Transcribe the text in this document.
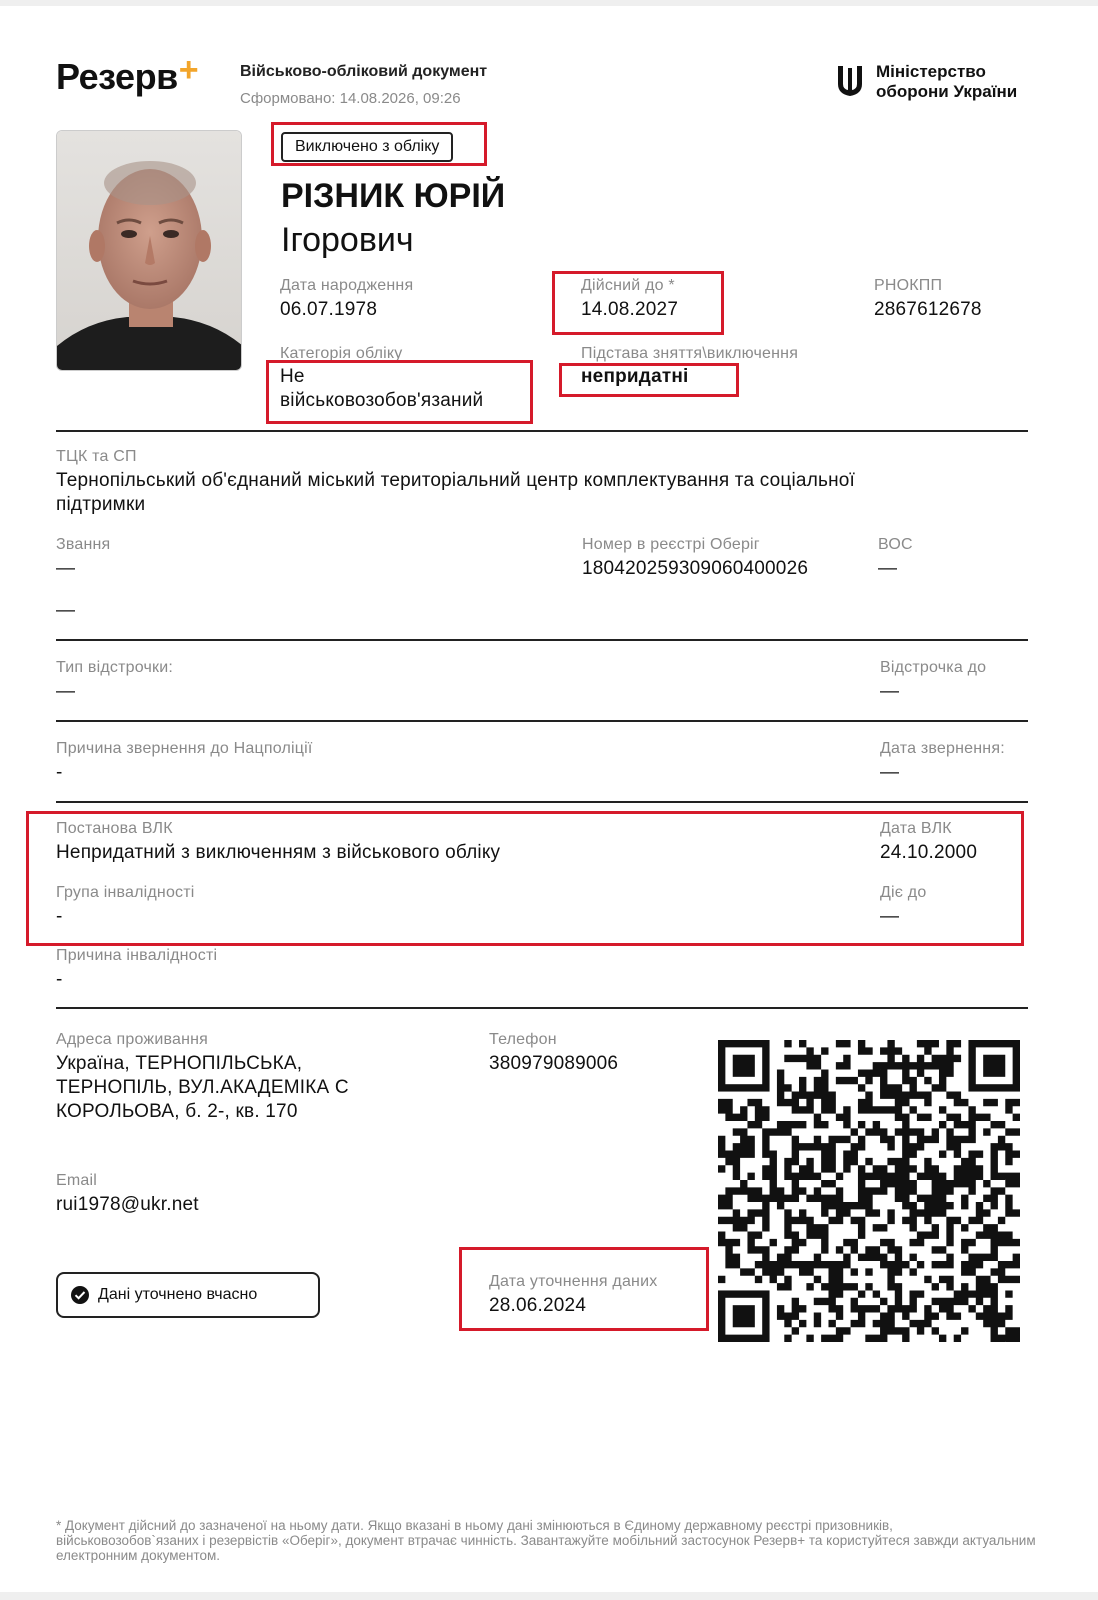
Резерв+	Військово-обліковий документ
Сформовано: 14.08.2026, 09:26
Міністерство
оборони України
Виключено з обліку
РІЗНИК ЮРІЙ
Ігорович
Дата народження
06.07.1978
Дійсний до *
14.08.2027
РНОКПП
2867612678
Категорія обліку
Не
військовозобов'язаний
Підстава зняття\виключення
непридатні
ТЦК та СП
Тернопільський об'єднаний міський територіальний центр комплектування та соціальної
підтримки
Звання
—
—
Номер в реєстрі Оберіг
180420259309060400026
ВОС
—
Тип відстрочки:
—
Відстрочка до
—
Причина звернення до Нацполіції
-
Дата звернення:
—
Постанова ВЛК
Непридатний з виключенням з військового обліку
Дата ВЛК
24.10.2000
Група інвалідності
-
Діє до
—
Причина інвалідності
-
Адреса проживання
Україна, ТЕРНОПІЛЬСЬКА,
ТЕРНОПІЛЬ, ВУЛ.АКАДЕМІКА С
КОРОЛЬОВА, б. 2-, кв. 170
Телефон
380979089006
Email
rui1978@ukr.net
Дані уточнено вчасно
Дата уточнення даних
28.06.2024
* Документ дійсний до зазначеної на ньому дати. Якщо вказані в ньому дані змінюються в Єдиному державному реєстрі призовників, військовозобов`язаних і резервістів «Оберіг», документ втрачає чинність. Завантажуйте мобільний застосунок Резерв+ та користуйтеся завжди актуальним електронним документом.
